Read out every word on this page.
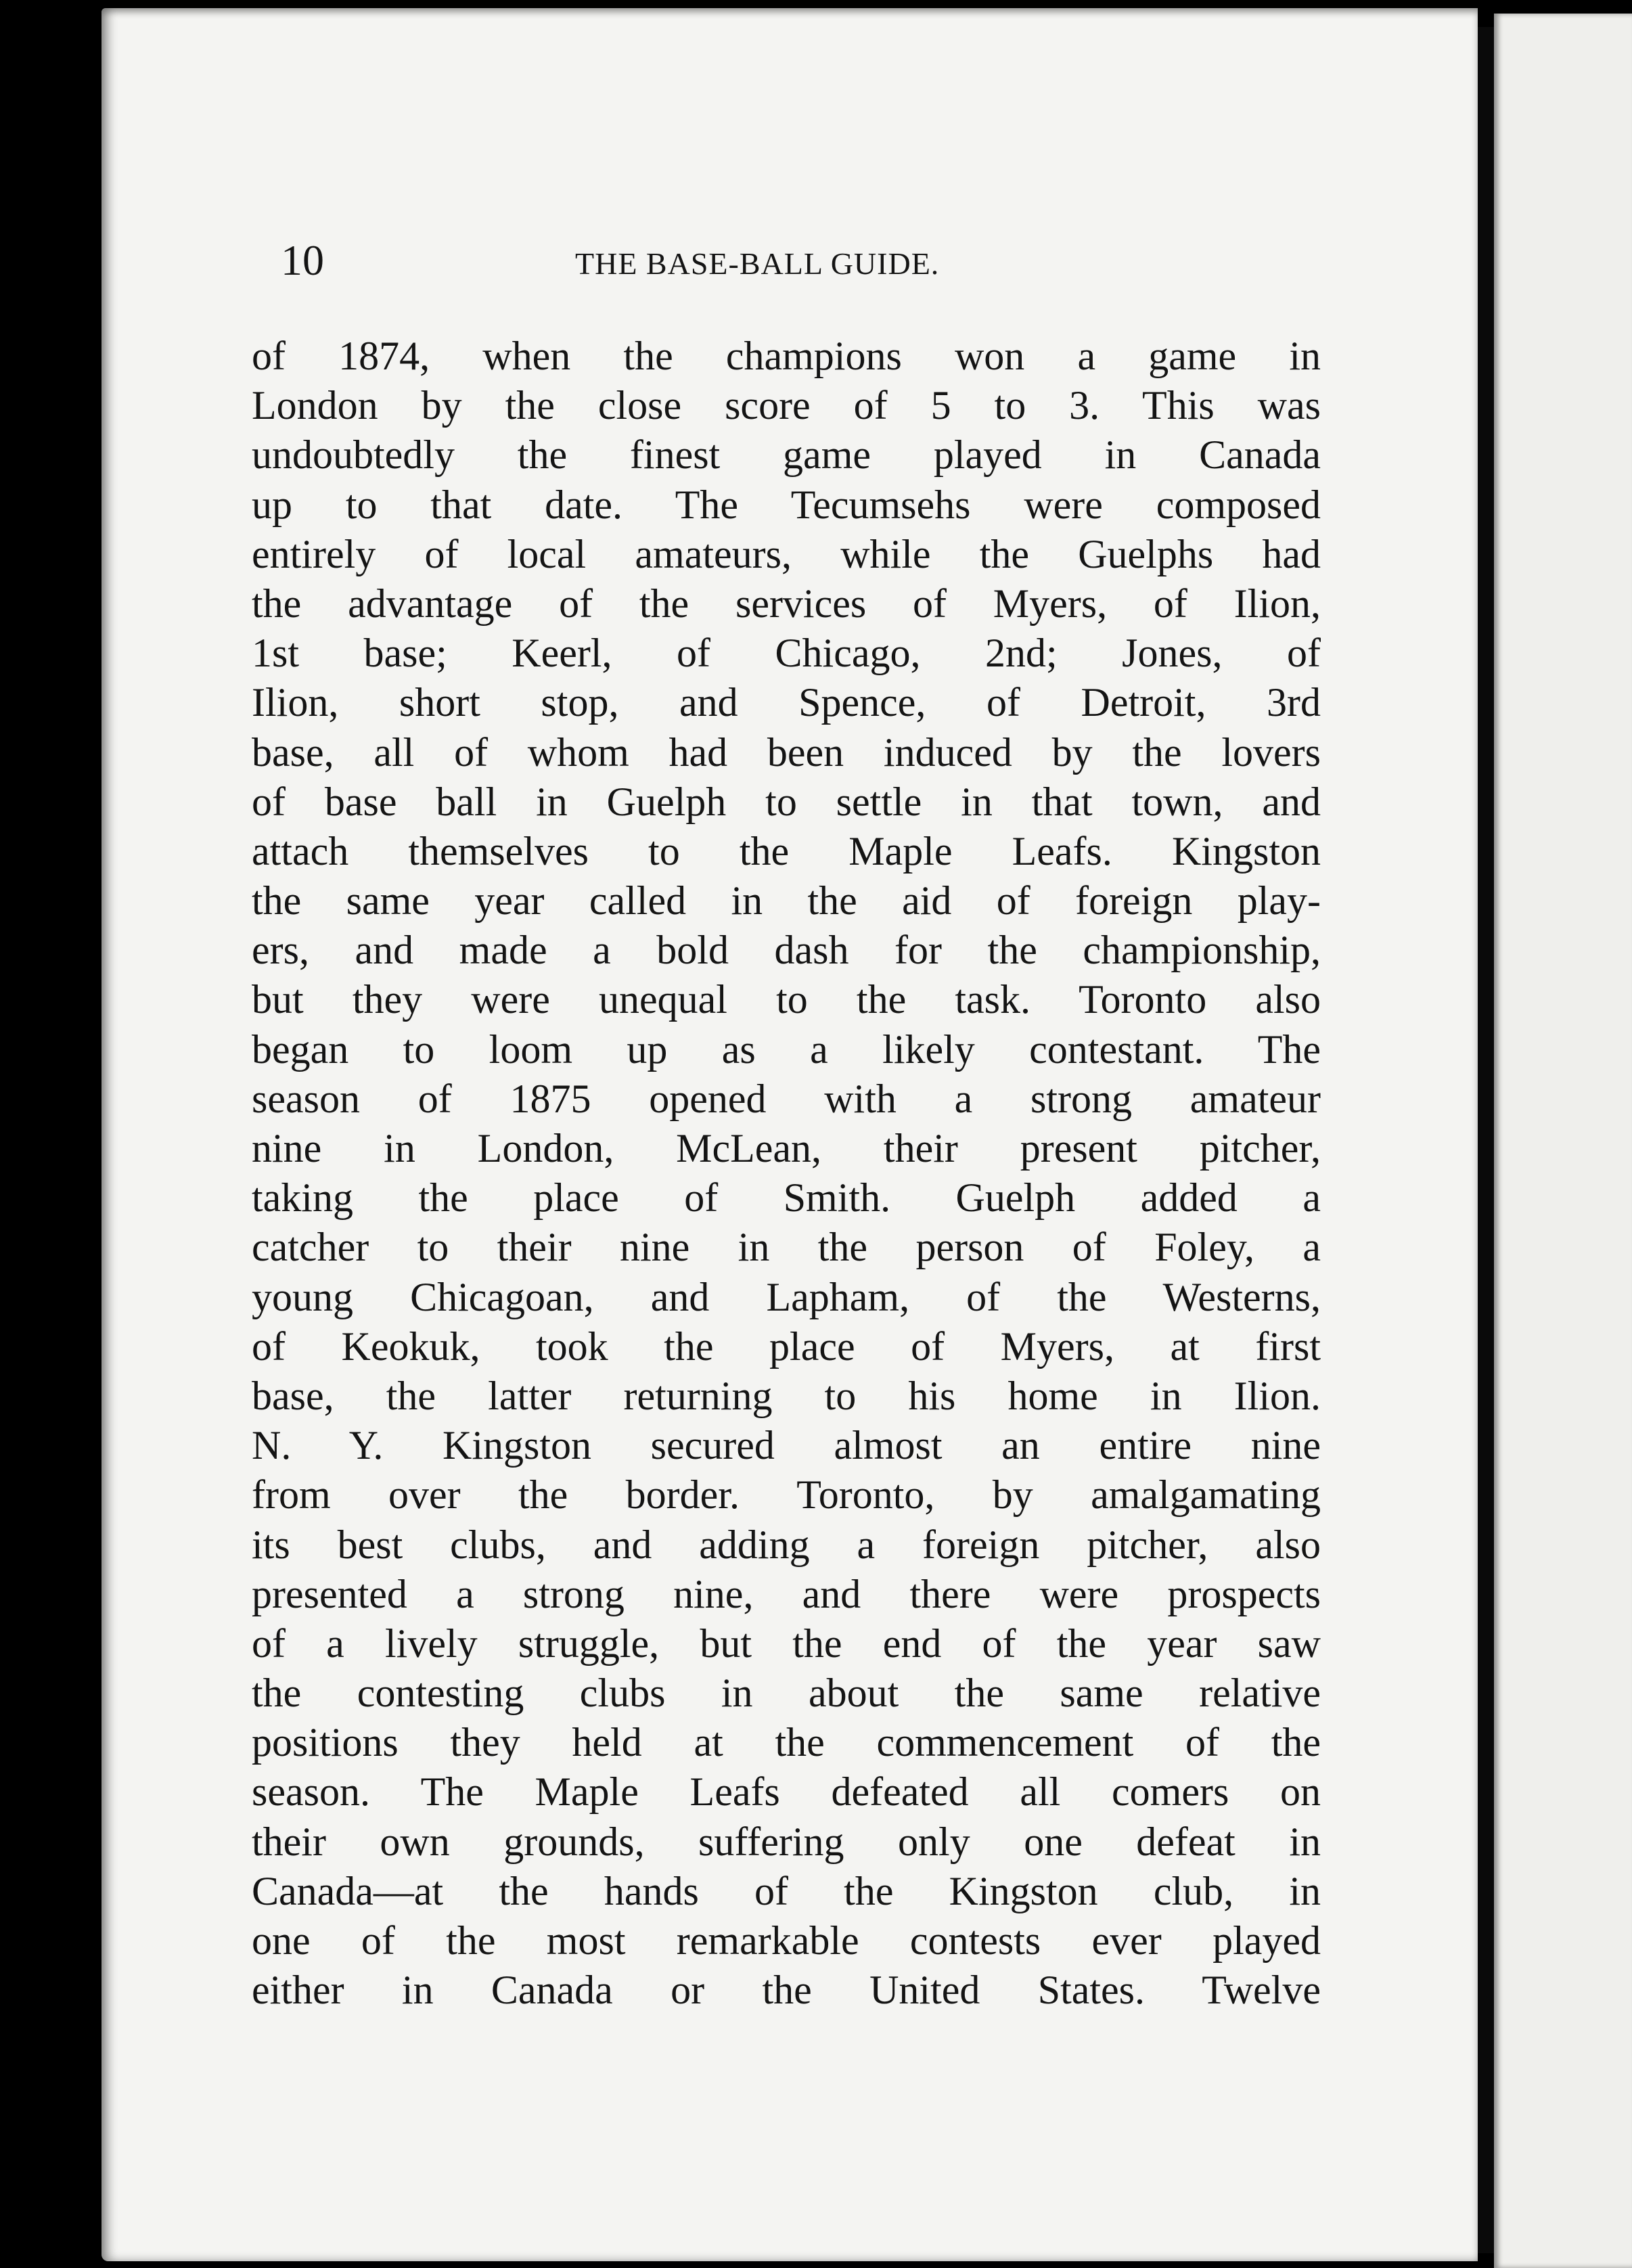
10	THE BASE-BALL GUIDE.
of 1874, when the champions won a game in
London by the close score of 5 to 3. This was
undoubtedly the finest game played in Canada
up to that date. The Tecumsehs were composed
entirely of local amateurs, while the Guelphs had
the advantage of the services of Myers, of Ilion,
1st base; Keerl, of Chicago, 2nd; Jones, of
Ilion, short stop, and Spence, of Detroit, 3rd
base, all of whom had been induced by the lovers
of base ball in Guelph to settle in that town, and
attach themselves to the Maple Leafs. Kingston
the same year called in the aid of foreign play-
ers, and made a bold dash for the championship,
but they were unequal to the task. Toronto also
began to loom up as a likely contestant. The
season of 1875 opened with a strong amateur
nine in London, McLean, their present pitcher,
taking the place of Smith. Guelph added a
catcher to their nine in the person of Foley, a
young Chicagoan, and Lapham, of the Westerns,
of Keokuk, took the place of Myers, at first
base, the latter returning to his home in Ilion.
N. Y. Kingston secured almost an entire nine
from over the border. Toronto, by amalgamating
its best clubs, and adding a foreign pitcher, also
presented a strong nine, and there were prospects
of a lively struggle, but the end of the year saw
the contesting clubs in about the same relative
positions they held at the commencement of the
season. The Maple Leafs defeated all comers on
their own grounds, suffering only one defeat in
Canada—at the hands of the Kingston club, in
one of the most remarkable contests ever played
either in Canada or the United States. Twelve
